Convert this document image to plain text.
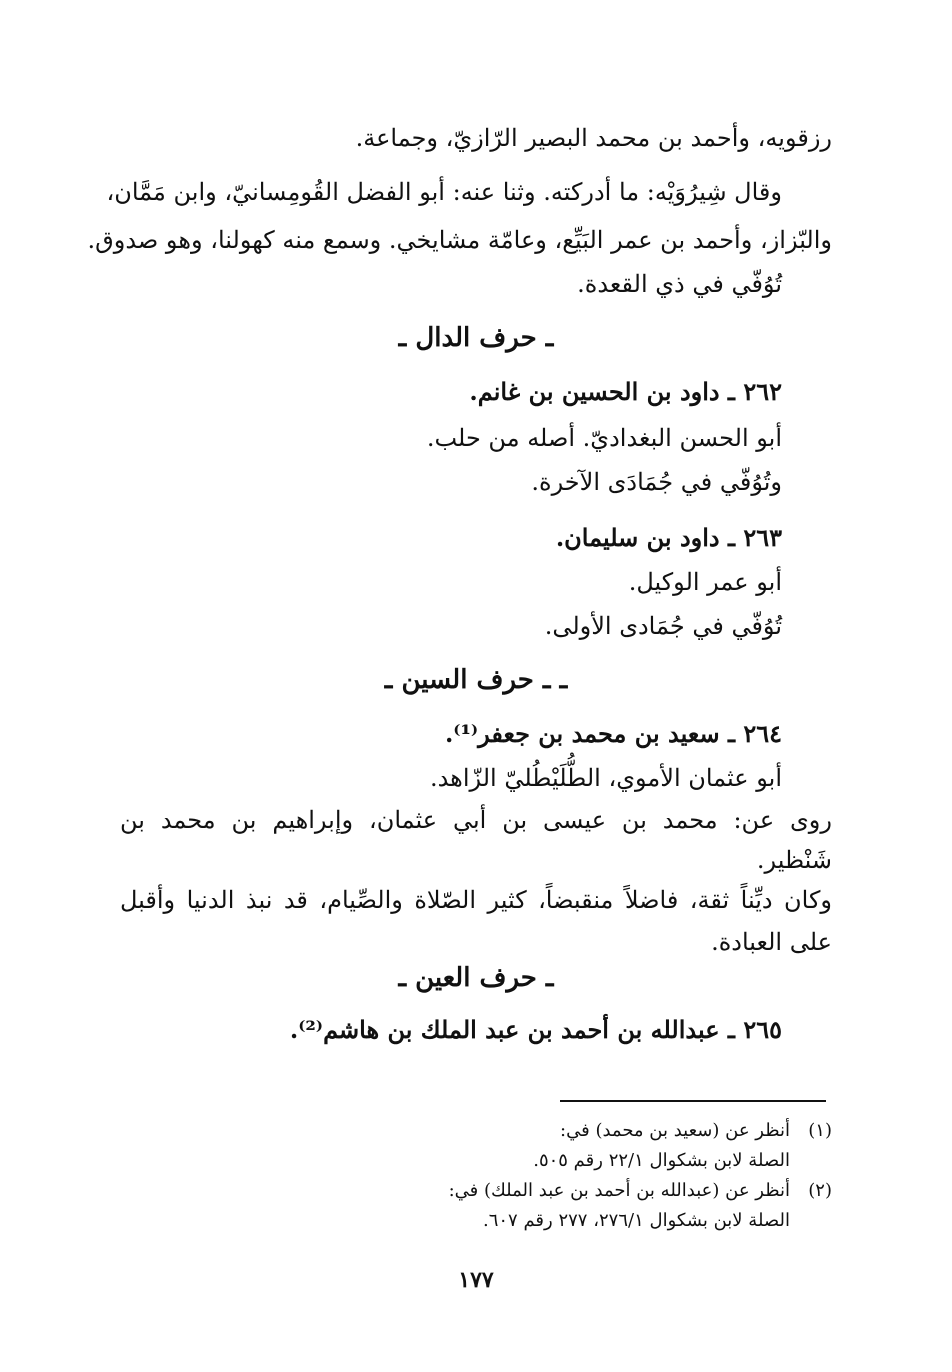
رزقويه، وأحمد بن محمد البصير الرّازيّ، وجماعة.
وقال شِيرُوَيْه: ما أدركته. وثنا عنه: أبو الفضل القُومِسانيّ، وابن مَمَّان،
والبّزاز، وأحمد بن عمر البَيِّع، وعامّة مشايخي. وسمع منه كهولنا، وهو صدوق.
تُوُفّي في ذي القعدة.
ـ حرف الدال ـ
٢٦٢ ـ داود بن الحسين بن غانم.
أبو الحسن البغداديّ. أصله من حلب.
وتُوُفّي في جُمَادَى الآخرة.
٢٦٣ ـ داود بن سليمان.
أبو عمر الوكيل.
تُوُفّي في جُمَادى الأولى.
ـ ـ حرف السين ـ
٢٦٤ ـ سعيد بن محمد بن جعفر⁽¹⁾.
أبو عثمان الأموي، الطُّلَيْطُليّ الزّاهد.
روى عن: محمد بن عيسى بن أبي عثمان، وإبراهيم بن محمد بن
شَنْظير.
وكان ديِّناً ثقة، فاضلاً منقبضاً، كثير الصّلاة والصِّيام، قد نبذ الدنيا وأقبل
على العبادة.
ـ حرف العين ـ
٢٦٥ ـ عبدالله بن أحمد بن عبد الملك بن هاشم⁽²⁾.
(١)
أنظر عن (سعيد بن محمد) في:
الصلة لابن بشكوال ٢٢/١ رقم ٥٠٥.
(٢)
أنظر عن (عبدالله بن أحمد بن عبد الملك) في:
الصلة لابن بشكوال ٢٧٦/١، ٢٧٧ رقم ٦٠٧.
١٧٧
